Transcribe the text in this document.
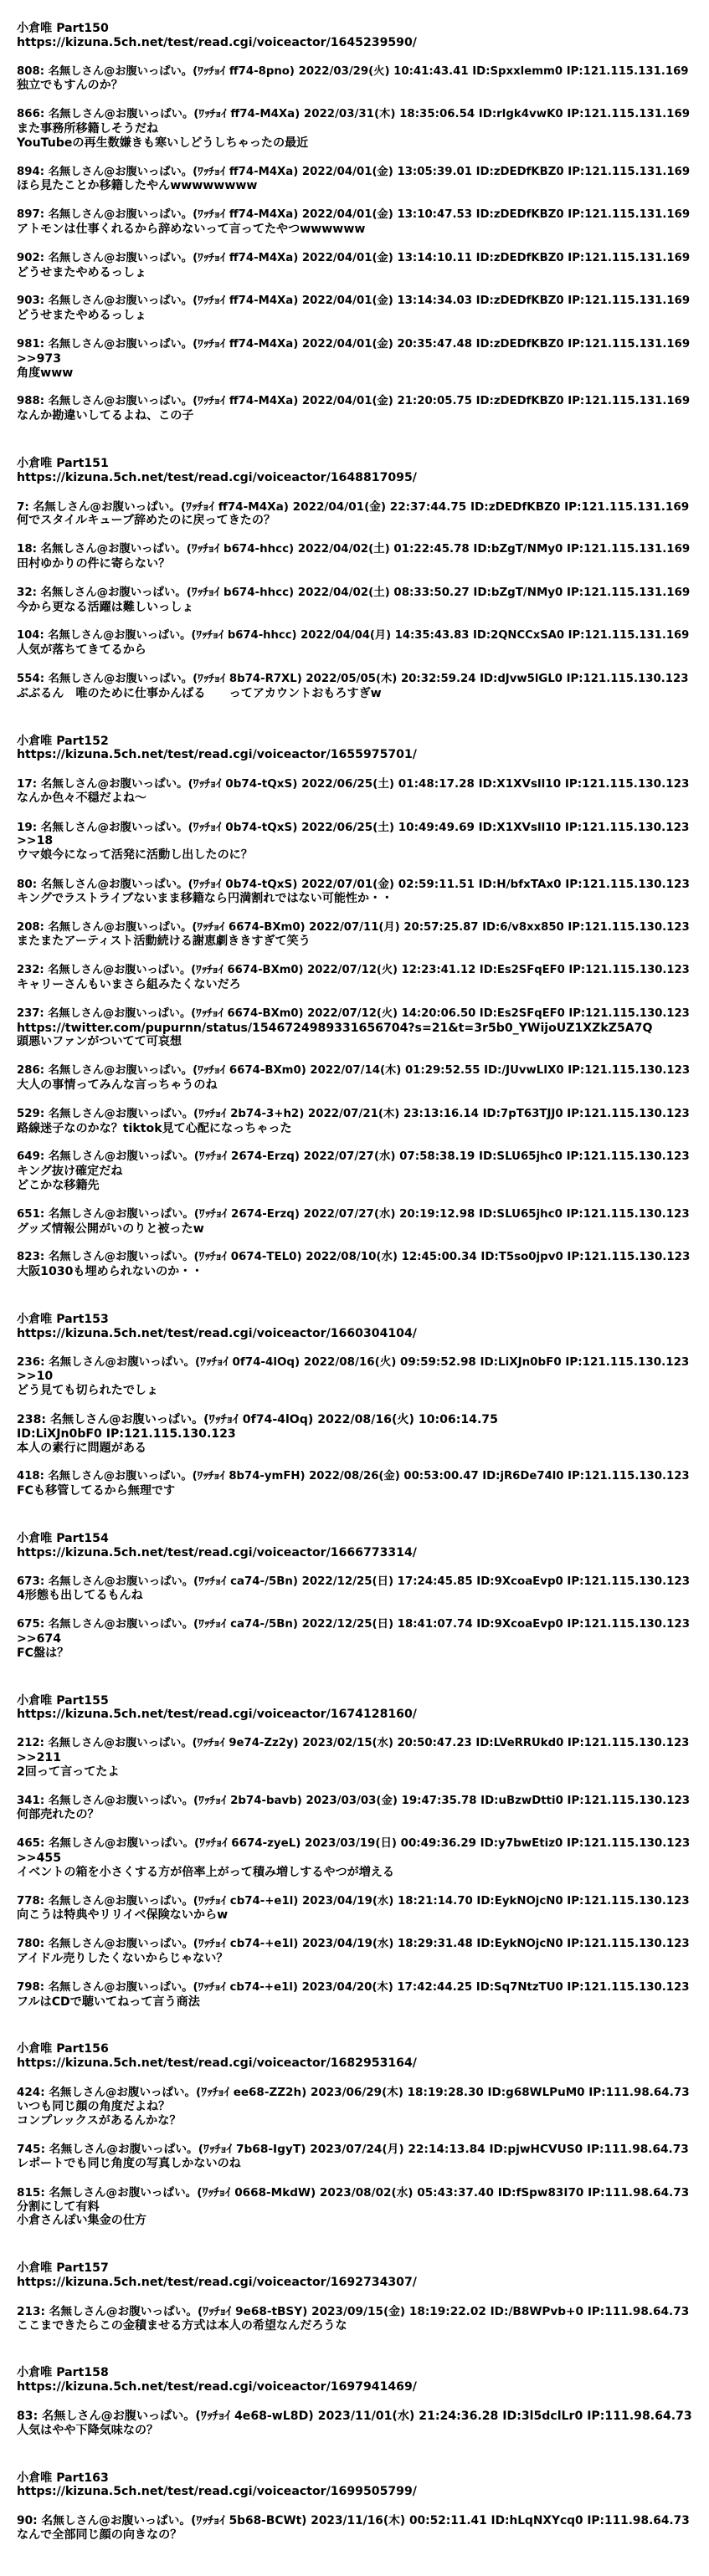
小倉唯 Part150
https://kizuna.5ch.net/test/read.cgi/voiceactor/1645239590/
808: 名無しさん@お腹いっぱい。(ﾜｯﾁｮｲ ff74-8pno) 2022/03/29(火) 10:41:43.41 ID:Spxxlemm0 IP:121.115.131.169
独立でもすんのか？
866: 名無しさん@お腹いっぱい。(ﾜｯﾁｮｲ ff74-M4Xa) 2022/03/31(木) 18:35:06.54 ID:rlgk4vwK0 IP:121.115.131.169
また事務所移籍しそうだね
YouTubeの再生数嫌きも寒いしどうしちゃったの最近
894: 名無しさん@お腹いっぱい。(ﾜｯﾁｮｲ ff74-M4Xa) 2022/04/01(金) 13:05:39.01 ID:zDEDfKBZ0 IP:121.115.131.169
ほら見たことか移籍したやんwwwwwwww
897: 名無しさん@お腹いっぱい。(ﾜｯﾁｮｲ ff74-M4Xa) 2022/04/01(金) 13:10:47.53 ID:zDEDfKBZ0 IP:121.115.131.169
アトモンは仕事くれるから辞めないって言ってたやつwwwwww
902: 名無しさん@お腹いっぱい。(ﾜｯﾁｮｲ ff74-M4Xa) 2022/04/01(金) 13:14:10.11 ID:zDEDfKBZ0 IP:121.115.131.169
どうせまたやめるっしょ
903: 名無しさん@お腹いっぱい。(ﾜｯﾁｮｲ ff74-M4Xa) 2022/04/01(金) 13:14:34.03 ID:zDEDfKBZ0 IP:121.115.131.169
どうせまたやめるっしょ
981: 名無しさん@お腹いっぱい。(ﾜｯﾁｮｲ ff74-M4Xa) 2022/04/01(金) 20:35:47.48 ID:zDEDfKBZ0 IP:121.115.131.169
>>973
角度www
988: 名無しさん@お腹いっぱい。(ﾜｯﾁｮｲ ff74-M4Xa) 2022/04/01(金) 21:20:05.75 ID:zDEDfKBZ0 IP:121.115.131.169
なんか勘違いしてるよね、この子
小倉唯 Part151
https://kizuna.5ch.net/test/read.cgi/voiceactor/1648817095/
7: 名無しさん@お腹いっぱい。(ﾜｯﾁｮｲ ff74-M4Xa) 2022/04/01(金) 22:37:44.75 ID:zDEDfKBZ0 IP:121.115.131.169
何でスタイルキューブ辞めたのに戻ってきたの？
18: 名無しさん@お腹いっぱい。(ﾜｯﾁｮｲ b674-hhcc) 2022/04/02(土) 01:22:45.78 ID:bZgT/NMy0 IP:121.115.131.169
田村ゆかりの件に寄らない？
32: 名無しさん@お腹いっぱい。(ﾜｯﾁｮｲ b674-hhcc) 2022/04/02(土) 08:33:50.27 ID:bZgT/NMy0 IP:121.115.131.169
今から更なる活躍は難しいっしょ
104: 名無しさん@お腹いっぱい。(ﾜｯﾁｮｲ b674-hhcc) 2022/04/04(月) 14:35:43.83 ID:2QNCCxSA0 IP:121.115.131.169
人気が落ちてきてるから
554: 名無しさん@お腹いっぱい。(ﾜｯﾁｮｲ 8b74-R7XL) 2022/05/05(木) 20:32:59.24 ID:dJvw5lGL0 IP:121.115.130.123
ぶぶるん　唯のために仕事かんばる　　ってアカウントおもろすぎw
小倉唯 Part152
https://kizuna.5ch.net/test/read.cgi/voiceactor/1655975701/
17: 名無しさん@お腹いっぱい。(ﾜｯﾁｮｲ 0b74-tQxS) 2022/06/25(土) 01:48:17.28 ID:X1XVsll10 IP:121.115.130.123
なんか色々不穏だよね～
19: 名無しさん@お腹いっぱい。(ﾜｯﾁｮｲ 0b74-tQxS) 2022/06/25(土) 10:49:49.69 ID:X1XVsll10 IP:121.115.130.123
>>18
ウマ娘今になって活発に活動し出したのに？
80: 名無しさん@お腹いっぱい。(ﾜｯﾁｮｲ 0b74-tQxS) 2022/07/01(金) 02:59:11.51 ID:H/bfxTAx0 IP:121.115.130.123
キングでラストライブないまま移籍なら円満割れではない可能性か・・
208: 名無しさん@お腹いっぱい。(ﾜｯﾁｮｲ 6674-BXm0) 2022/07/11(月) 20:57:25.87 ID:6/v8xx850 IP:121.115.130.123
またまたアーティスト活動続ける謝恵劇ききすぎて笑う
232: 名無しさん@お腹いっぱい。(ﾜｯﾁｮｲ 6674-BXm0) 2022/07/12(火) 12:23:41.12 ID:Es2SFqEF0 IP:121.115.130.123
キャリーさんもいまさら組みたくないだろ
237: 名無しさん@お腹いっぱい。(ﾜｯﾁｮｲ 6674-BXm0) 2022/07/12(火) 14:20:06.50 ID:Es2SFqEF0 IP:121.115.130.123
https://twitter.com/pupurnn/status/1546724989331656704?s=21&t=3r5b0_YWijoUZ1XZkZ5A7Q
頭悪いファンがついてて可哀想
286: 名無しさん@お腹いっぱい。(ﾜｯﾁｮｲ 6674-BXm0) 2022/07/14(木) 01:29:52.55 ID:/JUvwLIX0 IP:121.115.130.123
大人の事情ってみんな言っちゃうのね
529: 名無しさん@お腹いっぱい。(ﾜｯﾁｮｲ 2b74-3+h2) 2022/07/21(木) 23:13:16.14 ID:7pT63TJJ0 IP:121.115.130.123
路線迷子なのかな？tiktok見て心配になっちゃった
649: 名無しさん@お腹いっぱい。(ﾜｯﾁｮｲ 2674-Erzq) 2022/07/27(水) 07:58:38.19 ID:SLU65jhc0 IP:121.115.130.123
キング抜け確定だね
どこかな移籍先
651: 名無しさん@お腹いっぱい。(ﾜｯﾁｮｲ 2674-Erzq) 2022/07/27(水) 20:19:12.98 ID:SLU65jhc0 IP:121.115.130.123
グッズ情報公開がいのりと被ったw
823: 名無しさん@お腹いっぱい。(ﾜｯﾁｮｲ 0674-TEL0) 2022/08/10(水) 12:45:00.34 ID:T5so0jpv0 IP:121.115.130.123
大阪1030も埋められないのか・・
小倉唯 Part153
https://kizuna.5ch.net/test/read.cgi/voiceactor/1660304104/
236: 名無しさん@お腹いっぱい。(ﾜｯﾁｮｲ 0f74-4lOq) 2022/08/16(火) 09:59:52.98 ID:LiXJn0bF0 IP:121.115.130.123
>>10
どう見ても切られたでしょ
238: 名無しさん@お腹いっぱい。(ﾜｯﾁｮｲ 0f74-4lOq) 2022/08/16(火) 10:06:14.75
ID:LiXJn0bF0 IP:121.115.130.123
本人の素行に問題がある
418: 名無しさん@お腹いっぱい。(ﾜｯﾁｮｲ 8b74-ymFH) 2022/08/26(金) 00:53:00.47 ID:jR6De74l0 IP:121.115.130.123
FCも移管してるから無理です
小倉唯 Part154
https://kizuna.5ch.net/test/read.cgi/voiceactor/1666773314/
673: 名無しさん@お腹いっぱい。(ﾜｯﾁｮｲ ca74-/5Bn) 2022/12/25(日) 17:24:45.85 ID:9XcoaEvp0 IP:121.115.130.123
4形態も出してるもんね
675: 名無しさん@お腹いっぱい。(ﾜｯﾁｮｲ ca74-/5Bn) 2022/12/25(日) 18:41:07.74 ID:9XcoaEvp0 IP:121.115.130.123
>>674
FC盤は？
小倉唯 Part155
https://kizuna.5ch.net/test/read.cgi/voiceactor/1674128160/
212: 名無しさん@お腹いっぱい。(ﾜｯﾁｮｲ 9e74-Zz2y) 2023/02/15(水) 20:50:47.23 ID:LVeRRUkd0 IP:121.115.130.123
>>211
2回って言ってたよ
341: 名無しさん@お腹いっぱい。(ﾜｯﾁｮｲ 2b74-bavb) 2023/03/03(金) 19:47:35.78 ID:uBzwDtti0 IP:121.115.130.123
何部売れたの？
465: 名無しさん@お腹いっぱい。(ﾜｯﾁｮｲ 6674-zyeL) 2023/03/19(日) 00:49:36.29 ID:y7bwEtiz0 IP:121.115.130.123
>>455
イベントの箱を小さくする方が倍率上がって積み増しするやつが増える
778: 名無しさん@お腹いっぱい。(ﾜｯﾁｮｲ cb74-+e1l) 2023/04/19(水) 18:21:14.70 ID:EykNOjcN0 IP:121.115.130.123
向こうは特典やリリイベ保険ないからw
780: 名無しさん@お腹いっぱい。(ﾜｯﾁｮｲ cb74-+e1l) 2023/04/19(水) 18:29:31.48 ID:EykNOjcN0 IP:121.115.130.123
アイドル売りしたくないからじゃない？
798: 名無しさん@お腹いっぱい。(ﾜｯﾁｮｲ cb74-+e1l) 2023/04/20(木) 17:42:44.25 ID:Sq7NtzTU0 IP:121.115.130.123
フルはCDで聴いてねって言う商法
小倉唯 Part156
https://kizuna.5ch.net/test/read.cgi/voiceactor/1682953164/
424: 名無しさん@お腹いっぱい。(ﾜｯﾁｮｲ ee68-ZZ2h) 2023/06/29(木) 18:19:28.30 ID:g68WLPuM0 IP:111.98.64.73
いつも同じ顔の角度だよね？
コンプレックスがあるんかな？
745: 名無しさん@お腹いっぱい。(ﾜｯﾁｮｲ 7b68-IgyT) 2023/07/24(月) 22:14:13.84 ID:pjwHCVUS0 IP:111.98.64.73
レポートでも同じ角度の写真しかないのね
815: 名無しさん@お腹いっぱい。(ﾜｯﾁｮｲ 0668-MkdW) 2023/08/02(水) 05:43:37.40 ID:fSpw83I70 IP:111.98.64.73
分割にして有料
小倉さんぽい集金の仕方
小倉唯 Part157
https://kizuna.5ch.net/test/read.cgi/voiceactor/1692734307/
213: 名無しさん@お腹いっぱい。(ﾜｯﾁｮｲ 9e68-tBSY) 2023/09/15(金) 18:19:22.02 ID:/B8WPvb+0 IP:111.98.64.73
ここまできたらこの金積ませる方式は本人の希望なんだろうな
小倉唯 Part158
https://kizuna.5ch.net/test/read.cgi/voiceactor/1697941469/
83: 名無しさん@お腹いっぱい。(ﾜｯﾁｮｲ 4e68-wL8D) 2023/11/01(水) 21:24:36.28 ID:3l5dclLr0 IP:111.98.64.73
人気はやや下降気味なの？
小倉唯 Part163
https://kizuna.5ch.net/test/read.cgi/voiceactor/1699505799/
90: 名無しさん@お腹いっぱい。(ﾜｯﾁｮｲ 5b68-BCWt) 2023/11/16(木) 00:52:11.41 ID:hLqNXYcq0 IP:111.98.64.73
なんで全部同じ顔の向きなの？
